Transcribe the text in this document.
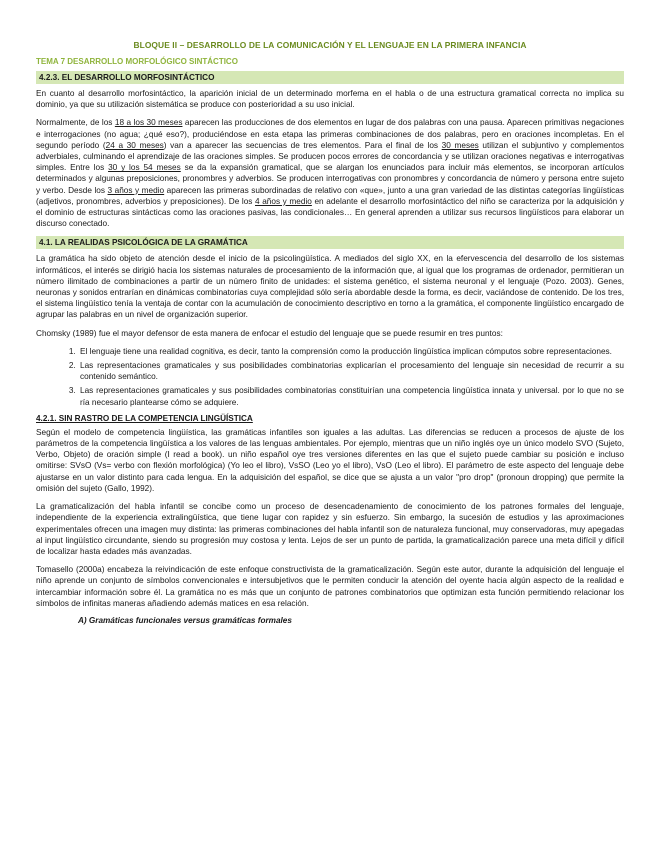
BLOQUE II – DESARROLLO DE LA COMUNICACIÓN Y EL LENGUAJE EN LA PRIMERA INFANCIA
TEMA 7 DESARROLLO MORFOLÓGICO SINTÁCTICO
4.2.3. EL DESARROLLO MORFOSINTÁCTICO

En cuanto al desarrollo morfosintáctico, la aparición inicial de un determinado morfema en el habla o de una estructura gramatical correcta no implica su dominio, ya que su utilización sistemática se produce con posterioridad a su uso inicial.

Normalmente, de los 18 a los 30 meses aparecen las producciones de dos elementos en lugar de dos palabras con una pausa. Aparecen primitivas negaciones e interrogaciones (no agua; ¿qué eso?), produciéndose en esta etapa las primeras combinaciones de dos palabras, pero en oraciones incompletas. En el segundo período (24 a 30 meses) van a aparecer las secuencias de tres elementos. Para el final de los 30 meses utilizan el subjuntivo y complementos adverbiales, culminando el aprendizaje de las oraciones simples. Se producen pocos errores de concordancia y se utilizan oraciones negativas e interrogativas simples. Entre los 30 y los 54 meses se da la expansión gramatical, que se alargan los enunciados para incluir más elementos, se incorporan artículos determinados y algunas preposiciones, pronombres y adverbios. Se producen interrogativas con pronombres y concordancia de número y persona entre sujeto y verbo. Desde los 3 años y medio aparecen las primeras subordinadas de relativo con «que», junto a una gran variedad de las distintas categorías lingüísticas (adjetivos, pronombres, adverbios y preposiciones). De los 4 años y medio en adelante el desarrollo morfosintáctico del niño se caracteriza por la adquisición y el dominio de estructuras sintácticas como las oraciones pasivas, las condicionales… En general aprenden a utilizar sus recursos lingüísticos para elaborar un discurso conectado.

4.1. LA REALIDAS PSICOLÓGICA DE LA GRAMÁTICA

La gramática ha sido objeto de atención desde el inicio de la psicolingüística. A mediados del siglo XX, en la efervescencia del desarrollo de los sistemas informáticos, el interés se dirigió hacia los sistemas naturales de procesamiento de la información que, al igual que los programas de ordenador, permitieran un número ilimitado de combinaciones a partir de un número finito de unidades: el sistema genético, el sistema neuronal y el lenguaje (Pozo. 2003). Genes, neuronas y sonidos entrarían en dinámicas combinatorias cuya complejidad sólo sería abordable desde la forma, es decir, vaciándose de contenido. De los tres, el sistema lingüístico tenía la ventaja de contar con la acumulación de conocimiento descriptivo en torno a la gramática, el componente lingüístico encargado de agrupar las palabras en un nivel de organización superior.

Chomsky (1989) fue el mayor defensor de esta manera de enfocar el estudio del lenguaje que se puede resumir en tres puntos:

1. El lenguaje tiene una realidad cognitiva, es decir, tanto la comprensión como la producción lingüística implican cómputos sobre representaciones.
2. Las representaciones gramaticales y sus posibilidades combinatorias explicarían el procesamiento del lenguaje sin necesidad de recurrir a su contenido semántico.
3. Las representaciones gramaticales y sus posibilidades combinatorias constituirían una competencia lingüística innata y universal. por lo que no se ría necesario plantearse cómo se adquiere.
4.2.1. SIN RASTRO DE LA COMPETENCIA LINGÜÍSTICA

Según el modelo de competencia lingüística, las gramáticas infantiles son iguales a las adultas. Las diferencias se reducen a procesos de ajuste de los parámetros de la competencia lingüística a los valores de las lenguas ambientales. Por ejemplo, mientras que un niño inglés oye un único modelo SVO (Sujeto, Verbo, Objeto) de oración simple (I read a book). un niño español oye tres versiones diferentes en las que el sujeto puede cambiar su posición e incluso omitirse: SVsO (Vs= verbo con flexión morfológica) (Yo leo el libro), VsSO (Leo yo el libro), VsO (Leo el libro). El parámetro de este aspecto del lenguaje debe ajustarse en un valor distinto para cada lengua. En la adquisición del español, se dice que se ajusta a un valor "pro drop" (pronoun dropping) que permite la omisión del sujeto (Gallo, 1992).

La gramaticalización del habla infantil se concibe como un proceso de desencadenamiento de conocimiento de los patrones formales del lenguaje, independiente de la experiencia extralingüística, que tiene lugar con rapidez y sin esfuerzo. Sin embargo, la sucesión de estudios y las aproximaciones experimentales ofrecen una imagen muy distinta: las primeras combinaciones del habla infantil son de naturaleza funcional, muy conservadoras, muy apegadas al input lingüístico circundante, siendo su progresión muy costosa y lenta. Lejos de ser un punto de partida, la gramaticalización parece una meta difícil y difícil de localizar hasta edades más avanzadas.

Tomasello (2000a) encabeza la reivindicación de este enfoque constructivista de la gramaticalización. Según este autor, durante la adquisición del lenguaje el niño aprende un conjunto de símbolos convencionales e intersubjetivos que le permiten conducir la atención del oyente hacia algún aspecto de la realidad e intercambiar información sobre él. La gramática no es más que un conjunto de patrones combinatorios que optimizan esta función permitiendo relacionar los símbolos de infinitas maneras añadiendo además matices en esa relación.

A) Gramáticas funcionales versus gramáticas formales
